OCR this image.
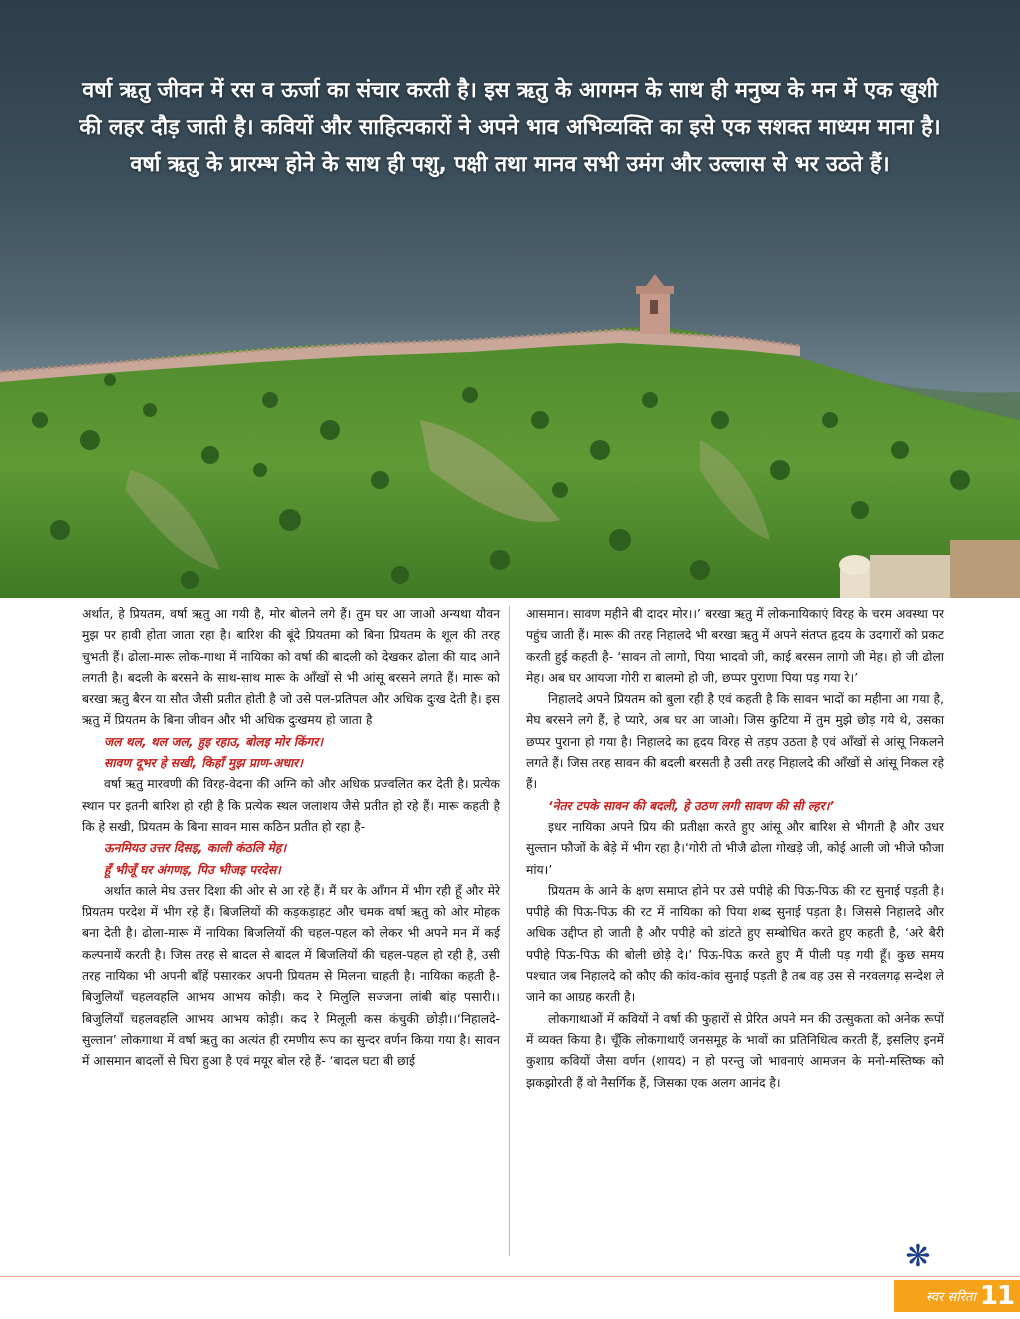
वर्षा ऋतु जीवन में रस व ऊर्जा का संचार करती है। इस ऋतु के आगमन के साथ ही मनुष्य के मन में एक खुशी की लहर दौड़ जाती है। कवियों और साहित्यकारों ने अपने भाव अभिव्यक्ति का इसे एक सशक्त माध्यम माना है। वर्षा ऋतु के प्रारम्भ होने के साथ ही पशु, पक्षी तथा मानव सभी उमंग और उल्लास से भर उठते हैं।

अर्थात, हे प्रियतम, वर्षा ऋतु आ गयी है, मोर बोलने लगे हैं। तुम घर आ जाओ अन्यथा यौवन मुझ पर हावी होता जाता रहा है। बारिश की बूंदे प्रियतमा को बिना प्रियतम के शूल की तरह चुभती हैं। ढोला-मारू लोक-गाथा में नायिका को वर्षा की बादली को देखकर ढोला की याद आने लगती है। बदली के बरसने के साथ-साथ मारू के आँखों से भी आंसू बरसने लगते हैं। मारू को बरखा ऋतु बैरन या सौत जैसी प्रतीत होती है जो उसे पल-प्रतिपल और अधिक दुःख देती है। इस ऋतु में प्रियतम के बिना जीवन और भी अधिक दुःखमय हो जाता है

जल थल, थल जल, हुइ रहाउ, बोलइ मोर किंगर।

सावण दूभर हे सखी, किहाँ मुझ प्राण-अधार।

वर्षा ऋतु मारवणी की विरह-वेदना की अग्नि को और अधिक प्रज्वलित कर देती है। प्रत्येक स्थान पर इतनी बारिश हो रही है कि प्रत्येक स्थल जलाशय जैसे प्रतीत हो रहे हैं। मारू कहती है कि हे सखी, प्रियतम के बिना सावन मास कठिन प्रतीत हो रहा है-

ऊनमियउ उत्तर दिसइ, काली कंठलि मेह।

हूँ भीजूँ घर अंगणइ, पिउ भीजइ परदेस।

अर्थात काले मेघ उत्तर दिशा की ओर से आ रहे हैं। मैं घर के आँगन में भीग रही हूँ और मेरे प्रियतम परदेश में भीग रहे हैं। बिजलियों की कड़कड़ाहट और चमक वर्षा ऋतु को ओर मोहक बना देती है। ढोला-मारू में नायिका बिजलियों की चहल-पहल को लेकर भी अपने मन में कई कल्पनायें करती है। जिस तरह से बादल से बादल में बिजलियों की चहल-पहल हो रही है, उसी तरह नायिका भी अपनी बाँहें पसारकर अपनी प्रियतम से मिलना चाहती है। नायिका कहती है- बिजुलियाँ चहलवहलि आभय आभय कोड़ी। कद रे मिलुलि सज्जना लांबी बांह पसारी।। बिजुलियाँ चहलवहलि आभय आभय कोड़ी। कद रे मिलूली कस कंचुकी छोड़ी।।‘निहालदे-सुल्तान’ लोकगाथा में वर्षा ऋतु का अत्यंत ही रमणीय रूप का सुन्दर वर्णन किया गया है। सावन में आसमान बादलों से घिरा हुआ है एवं मयूर बोल रहे हैं- ‘बादल घटा बी छाई

आसमान। सावण महीने बी दादर मोर।।’ बरखा ऋतु में लोकनायिकाएं विरह के चरम अवस्था पर पहुंच जाती हैं। मारू की तरह निहालदे भी बरखा ऋतु में अपने संतप्त हृदय के उदगारों को प्रकट करती हुई कहती है- ‘सावन तो लागो, पिया भादवो जी, काई बरसन लागो जी मेह। हो जी ढोला मेह। अब घर आयजा गोरी रा बालमो हो जी, छप्पर पुराणा पिया पड़ गया रे।’

निहालदे अपने प्रियतम को बुला रही है एवं कहती है कि सावन भादों का महीना आ गया है, मेघ बरसने लगे हैं, हे प्यारे, अब घर आ जाओ। जिस कुटिया में तुम मुझे छोड़ गये थे, उसका छप्पर पुराना हो गया है। निहालदे का हृदय विरह से तड़प उठता है एवं आँखों से आंसू निकलने लगते हैं। जिस तरह सावन की बदली बरसती है उसी तरह निहालदे की आँखों से आंसू निकल रहे हैं।

‘नेतर टपके सावन की बदली, हे उठण लगी सावण की सी ल्हर।’

इधर नायिका अपने प्रिय की प्रतीक्षा करते हुए आंसू और बारिश से भीगती है और उधर सुल्तान फौजों के बेड़े में भीग रहा है।‘गोरी तो भीजै ढोला गोखड़े जी, कोई आली जो भीजे फौजा मांय।’

प्रियतम के आने के क्षण समाप्त होने पर उसे पपीहे की पिऊ-पिऊ की रट सुनाई पड़ती है। पपीहे की पिऊ-पिऊ की रट में नायिका को पिया शब्द सुनाई पड़ता है। जिससे निहालदे और अधिक उद्दीप्त हो जाती है और पपीहे को डांटते हुए सम्बोधित करते हुए कहती है, ‘अरे बैरी पपीहे पिऊ-पिऊ की बोली छोड़े दे।’ पिऊ-पिऊ करते हुए मैं पीली पड़ गयी हूँ। कुछ समय पश्चात जब निहालदे को कौए की कांव-कांव सुनाई पड़ती है तब वह उस से नरवलगढ़ सन्देश ले जाने का आग्रह करती है।

लोकगाथाओं में कवियों ने वर्षा की फुहारों से प्रेरित अपने मन की उत्सुकता को अनेक रूपों में व्यक्त किया है। चूँकि लोकगाथाएँ जनसमूह के भावों का प्रतिनिधित्व करती हैं, इसलिए इनमें कुशाग्र कवियों जैसा वर्णन (शायद) न हो परन्तु जो भावनाएं आमजन के मनो-मस्तिष्क को झकझोरती हैं वो नैसर्गिक हैं, जिसका एक अलग आनंद है।

❋
स्वर सरिता 11
